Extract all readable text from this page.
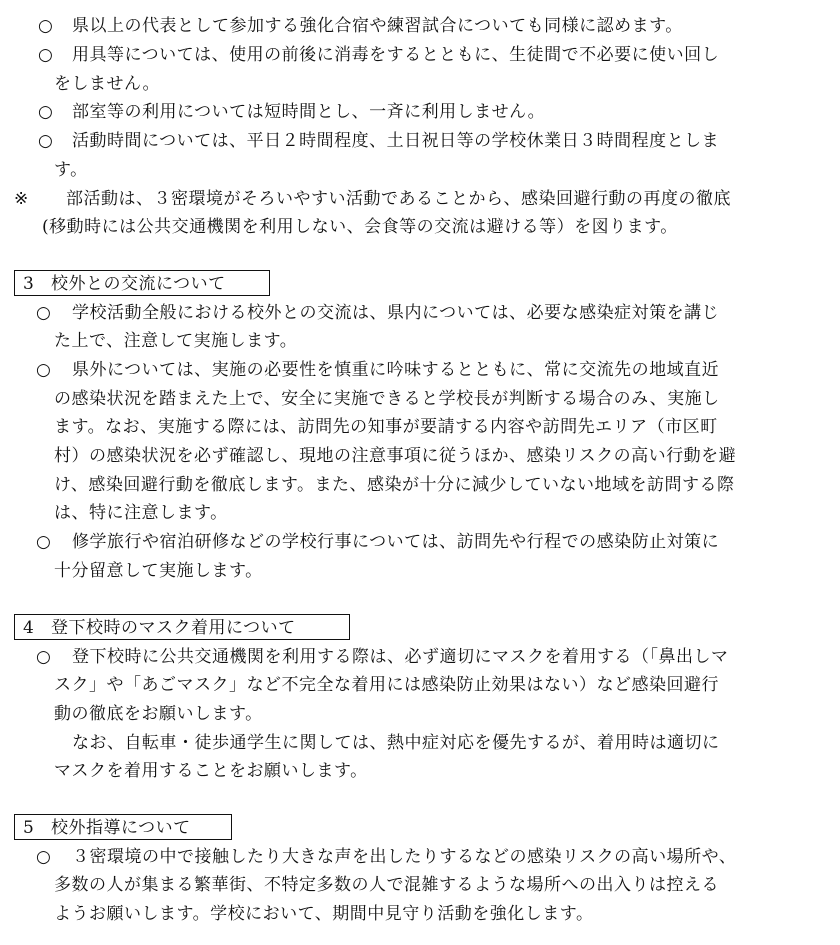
○ 県以上の代表として参加する強化合宿や練習試合についても同様に認めます。
○ 用具等については、使用の前後に消毒をするとともに、生徒間で不必要に使い回し
をしません。
○ 部室等の利用については短時間とし、一斉に利用しません。
○ 活動時間については、平日２時間程度、土日祝日等の学校休業日３時間程度としま
す。
※ 部活動は、３密環境がそろいやすい活動であることから、感染回避行動の再度の徹底
(移動時には公共交通機関を利用しない、会食等の交流は避ける等）を図ります。
3 校外との交流について
○ 学校活動全般における校外との交流は、県内については、必要な感染症対策を講じ
た上で、注意して実施します。
○ 県外については、実施の必要性を慎重に吟味するとともに、常に交流先の地域直近
の感染状況を踏まえた上で、安全に実施できると学校長が判断する場合のみ、実施し
ます。なお、実施する際には、訪問先の知事が要請する内容や訪問先エリア（市区町
村）の感染状況を必ず確認し、現地の注意事項に従うほか、感染リスクの高い行動を避
け、感染回避行動を徹底します。また、感染が十分に減少していない地域を訪問する際
は、特に注意します。
○ 修学旅行や宿泊研修などの学校行事については、訪問先や行程での感染防止対策に
十分留意して実施します。
4 登下校時のマスク着用について
○ 登下校時に公共交通機関を利用する際は、必ず適切にマスクを着用する（「鼻出しマ
スク」や「あごマスク」など不完全な着用には感染防止効果はない）など感染回避行
動の徹底をお願いします。
なお、自転車・徒歩通学生に関しては、熱中症対応を優先するが、着用時は適切に
マスクを着用することをお願いします。
5 校外指導について
○ ３密環境の中で接触したり大きな声を出したりするなどの感染リスクの高い場所や、
多数の人が集まる繁華街、不特定多数の人で混雑するような場所への出入りは控える
ようお願いします。学校において、期間中見守り活動を強化します。
